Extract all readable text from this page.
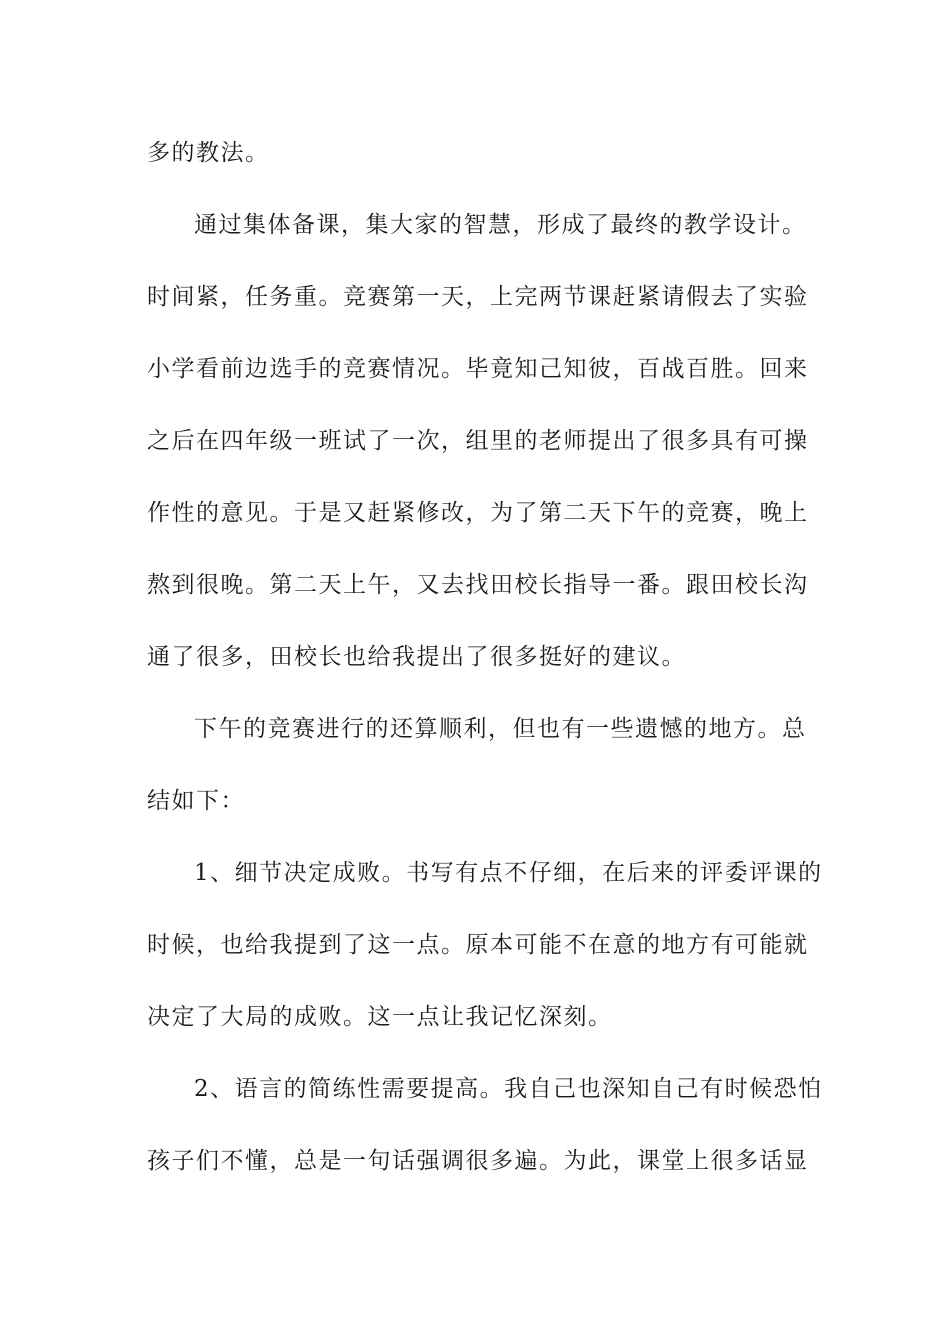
多的教法。
通过集体备课，集大家的智慧，形成了最终的教学设计。
时间紧，任务重。竞赛第一天，上完两节课赶紧请假去了实验
小学看前边选手的竞赛情况。毕竟知己知彼，百战百胜。回来
之后在四年级一班试了一次，组里的老师提出了很多具有可操
作性的意见。于是又赶紧修改，为了第二天下午的竞赛，晚上
熬到很晚。第二天上午，又去找田校长指导一番。跟田校长沟
通了很多，田校长也给我提出了很多挺好的建议。
下午的竞赛进行的还算顺利，但也有一些遗憾的地方。总
结如下：
1、细节决定成败。书写有点不仔细，在后来的评委评课的
时候，也给我提到了这一点。原本可能不在意的地方有可能就
决定了大局的成败。这一点让我记忆深刻。
2、语言的简练性需要提高。我自己也深知自己有时候恐怕
孩子们不懂，总是一句话强调很多遍。为此，课堂上很多话显
